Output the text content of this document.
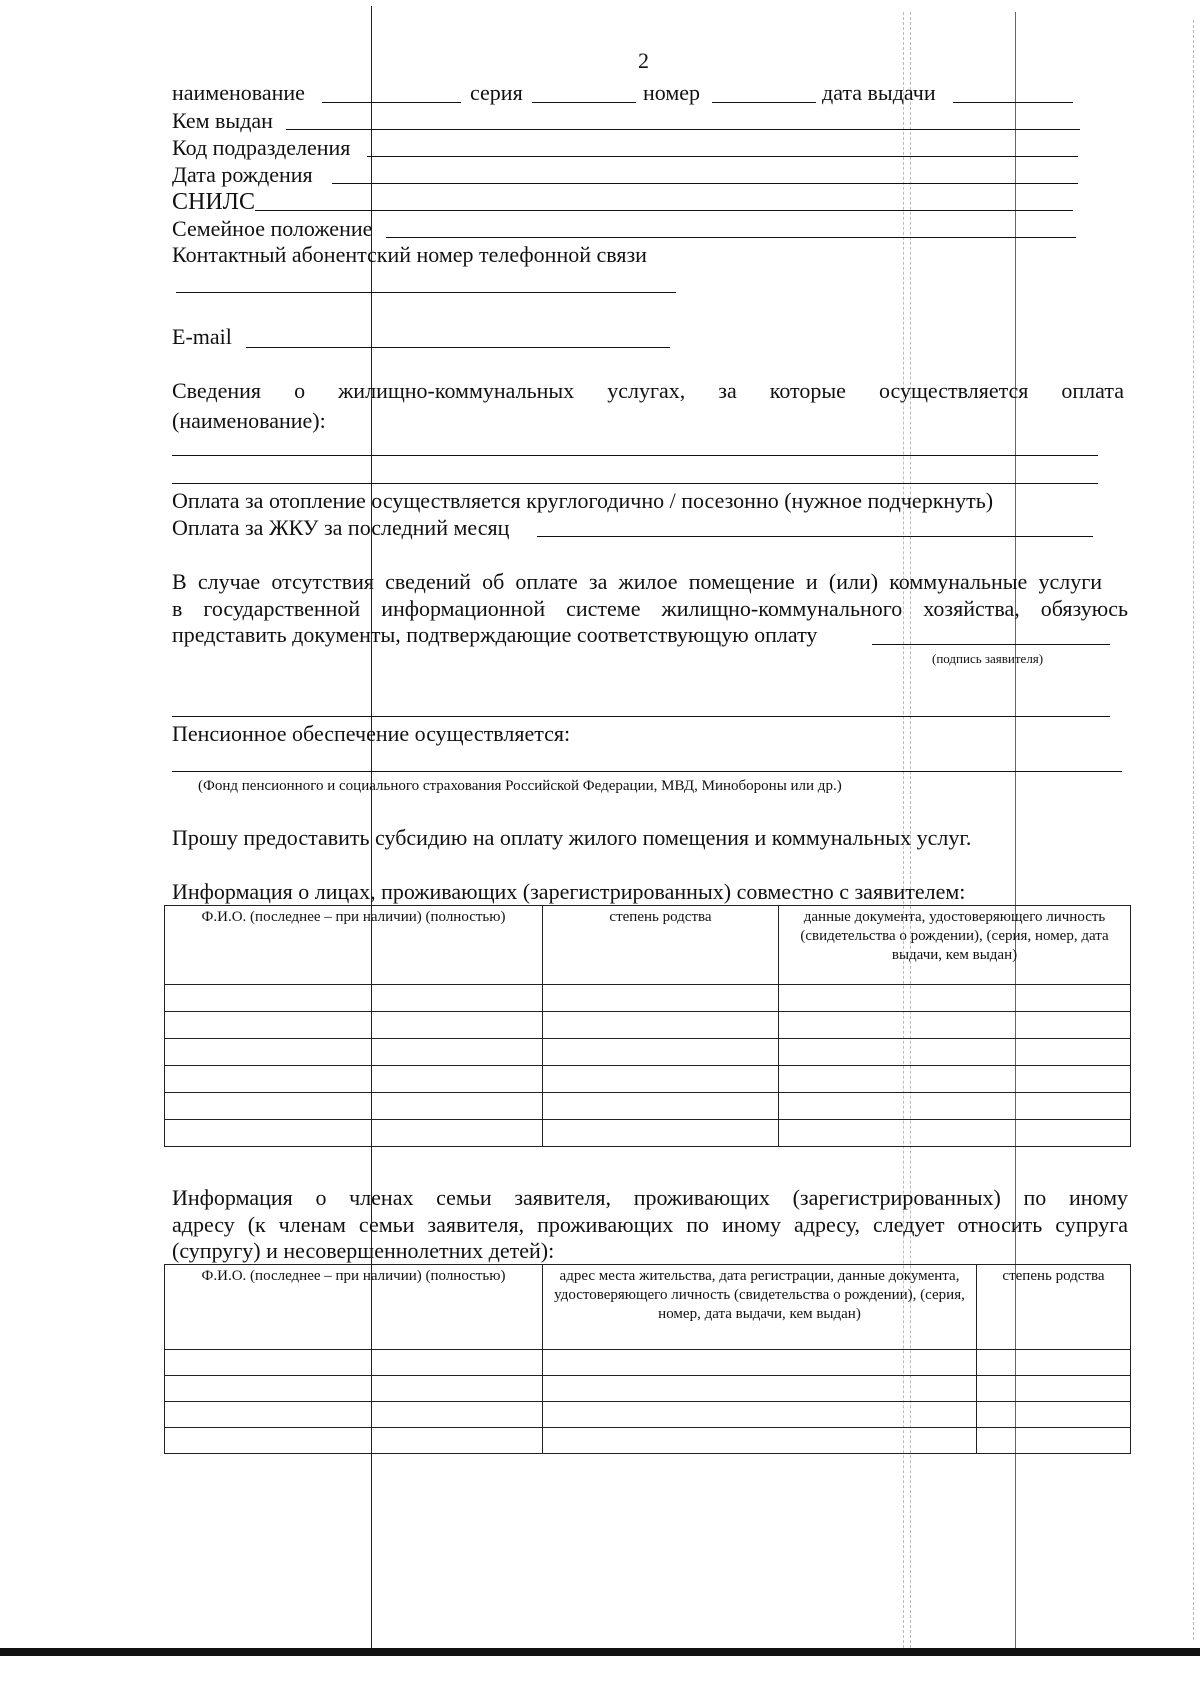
2
наименование	серия	номер	дата выдачи
Кем выдан
Код подразделения
Дата рождения
СНИЛС
Семейное положение
Контактный абонентский номер телефонной связи
E-mail
Сведения о жилищно-коммунальных услугах, за которые осуществляется оплата
(наименование):
Оплата за отопление осуществляется круглогодично / посезонно (нужное подчеркнуть)
Оплата за ЖКУ за последний месяц
В случае отсутствия сведений об оплате за жилое помещение и (или) коммунальные услуги
в государственной информационной системе жилищно-коммунального хозяйства, обязуюсь
представить документы, подтверждающие соответствующую оплату
(подпись заявителя)
Пенсионное обеспечение осуществляется:
(Фонд пенсионного и социального страхования Российской Федерации, МВД, Минобороны или др.)
Прошу предоставить субсидию на оплату жилого помещения и коммунальных услуг.
Информация о лицах, проживающих (зарегистрированных) совместно с заявителем:
Ф.И.О. (последнее – при наличии) (полностью)	степень родства	данные документа, удостоверяющего личность (свидетельства о рождении), (серия, номер, дата выдачи, кем выдан)

Информация о членах семьи заявителя, проживающих (зарегистрированных) по иному
адресу (к членам семьи заявителя, проживающих по иному адресу, следует относить супруга
(супругу) и несовершеннолетних детей):
Ф.И.О. (последнее – при наличии) (полностью)	адрес места жительства, дата регистрации, данные документа, удостоверяющего личность (свидетельства о рождении), (серия, номер, дата выдачи, кем выдан)	степень родства
